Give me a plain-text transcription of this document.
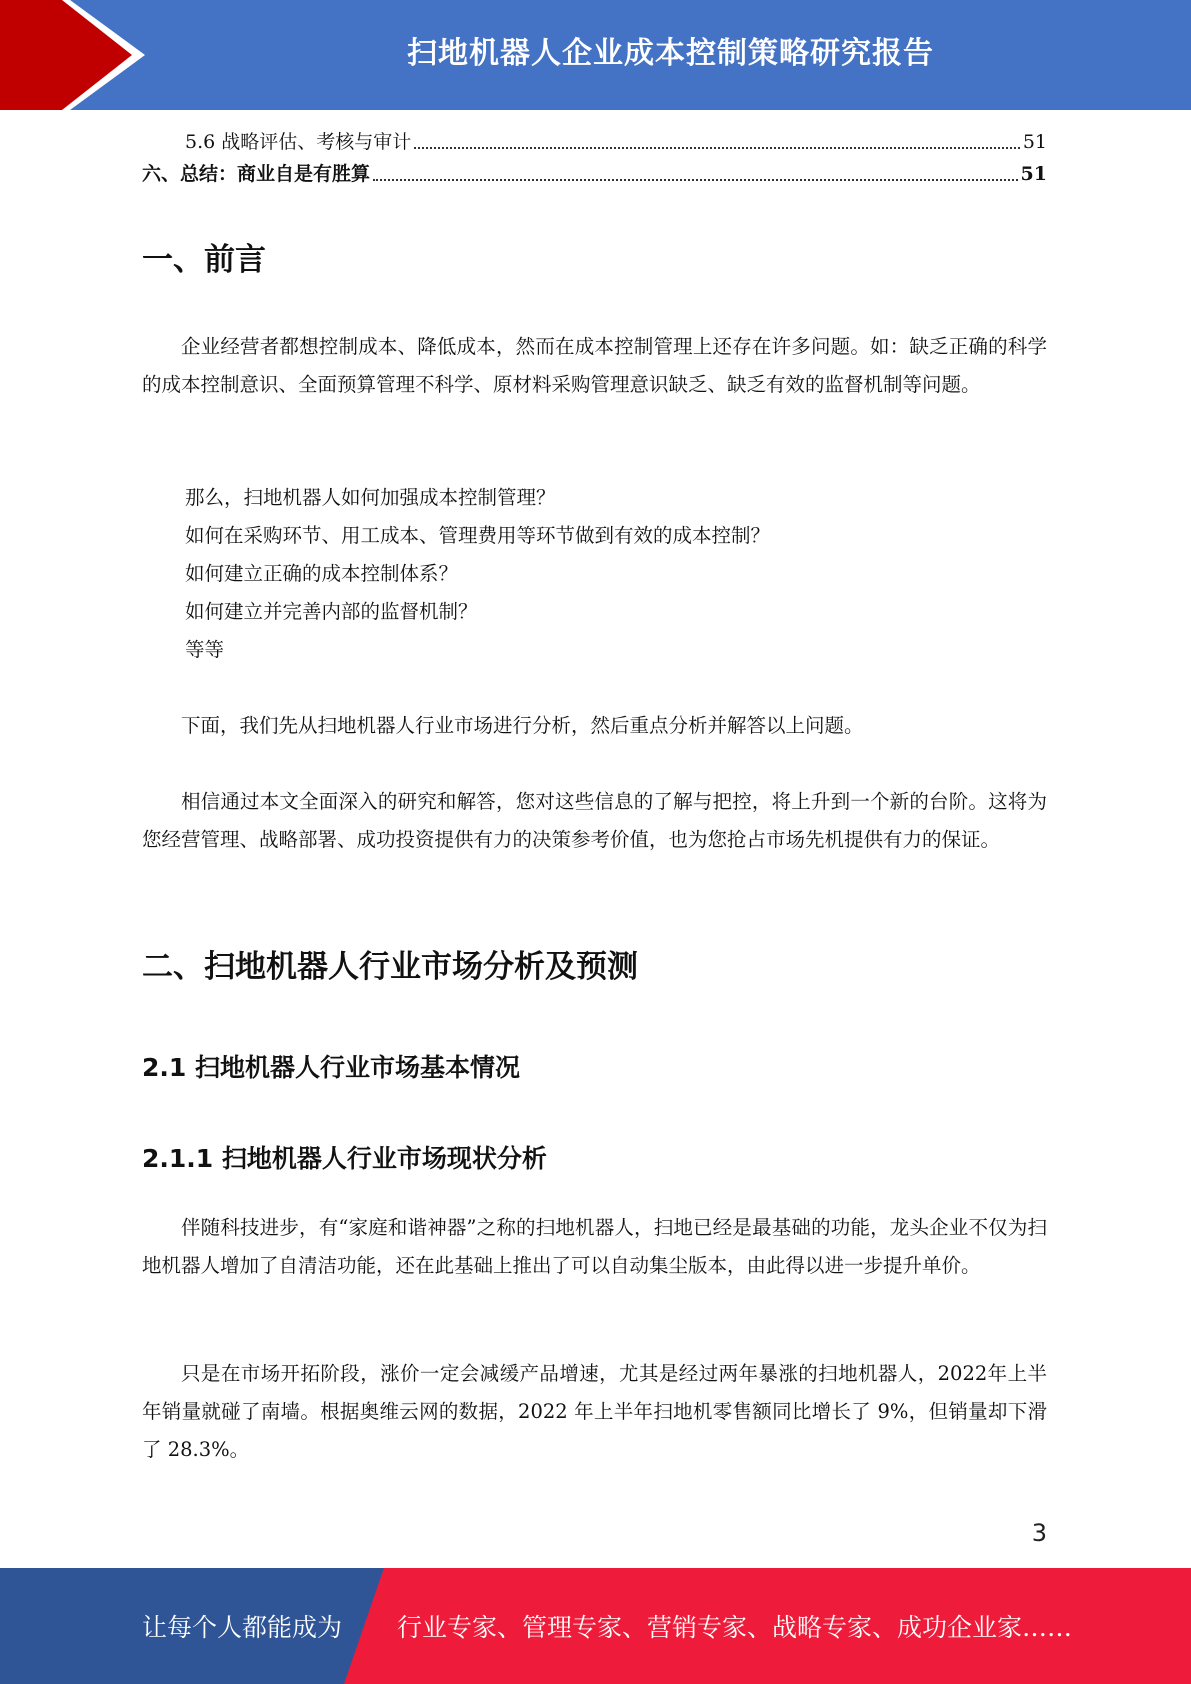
扫地机器人企业成本控制策略研究报告
5.6 战略评估、考核与审计	51
六、总结：商业自是有胜算	51
一、前言

企业经营者都想控制成本、降低成本，然而在成本控制管理上还存在许多问题。如：缺乏正确的科学的成本控制意识、全面预算管理不科学、原材料采购管理意识缺乏、缺乏有效的监督机制等问题。

那么，扫地机器人如何加强成本控制管理？
如何在采购环节、用工成本、管理费用等环节做到有效的成本控制？
如何建立正确的成本控制体系？
如何建立并完善内部的监督机制？
等等

下面，我们先从扫地机器人行业市场进行分析，然后重点分析并解答以上问题。

相信通过本文全面深入的研究和解答，您对这些信息的了解与把控，将上升到一个新的台阶。这将为您经营管理、战略部署、成功投资提供有力的决策参考价值，也为您抢占市场先机提供有力的保证。

二、扫地机器人行业市场分析及预测
2.1 扫地机器人行业市场基本情况
2.1.1 扫地机器人行业市场现状分析

伴随科技进步，有“家庭和谐神器”之称的扫地机器人，扫地已经是最基础的功能，龙头企业不仅为扫地机器人增加了自清洁功能，还在此基础上推出了可以自动集尘版本，由此得以进一步提升单价。

只是在市场开拓阶段，涨价一定会减缓产品增速，尤其是经过两年暴涨的扫地机器人，2022年上半年销量就碰了南墙。根据奥维云网的数据，2022 年上半年扫地机零售额同比增长了 9%，但销量却下滑了 28.3%。

3
让每个人都能成为 行业专家、管理专家、营销专家、战略专家、成功企业家……
